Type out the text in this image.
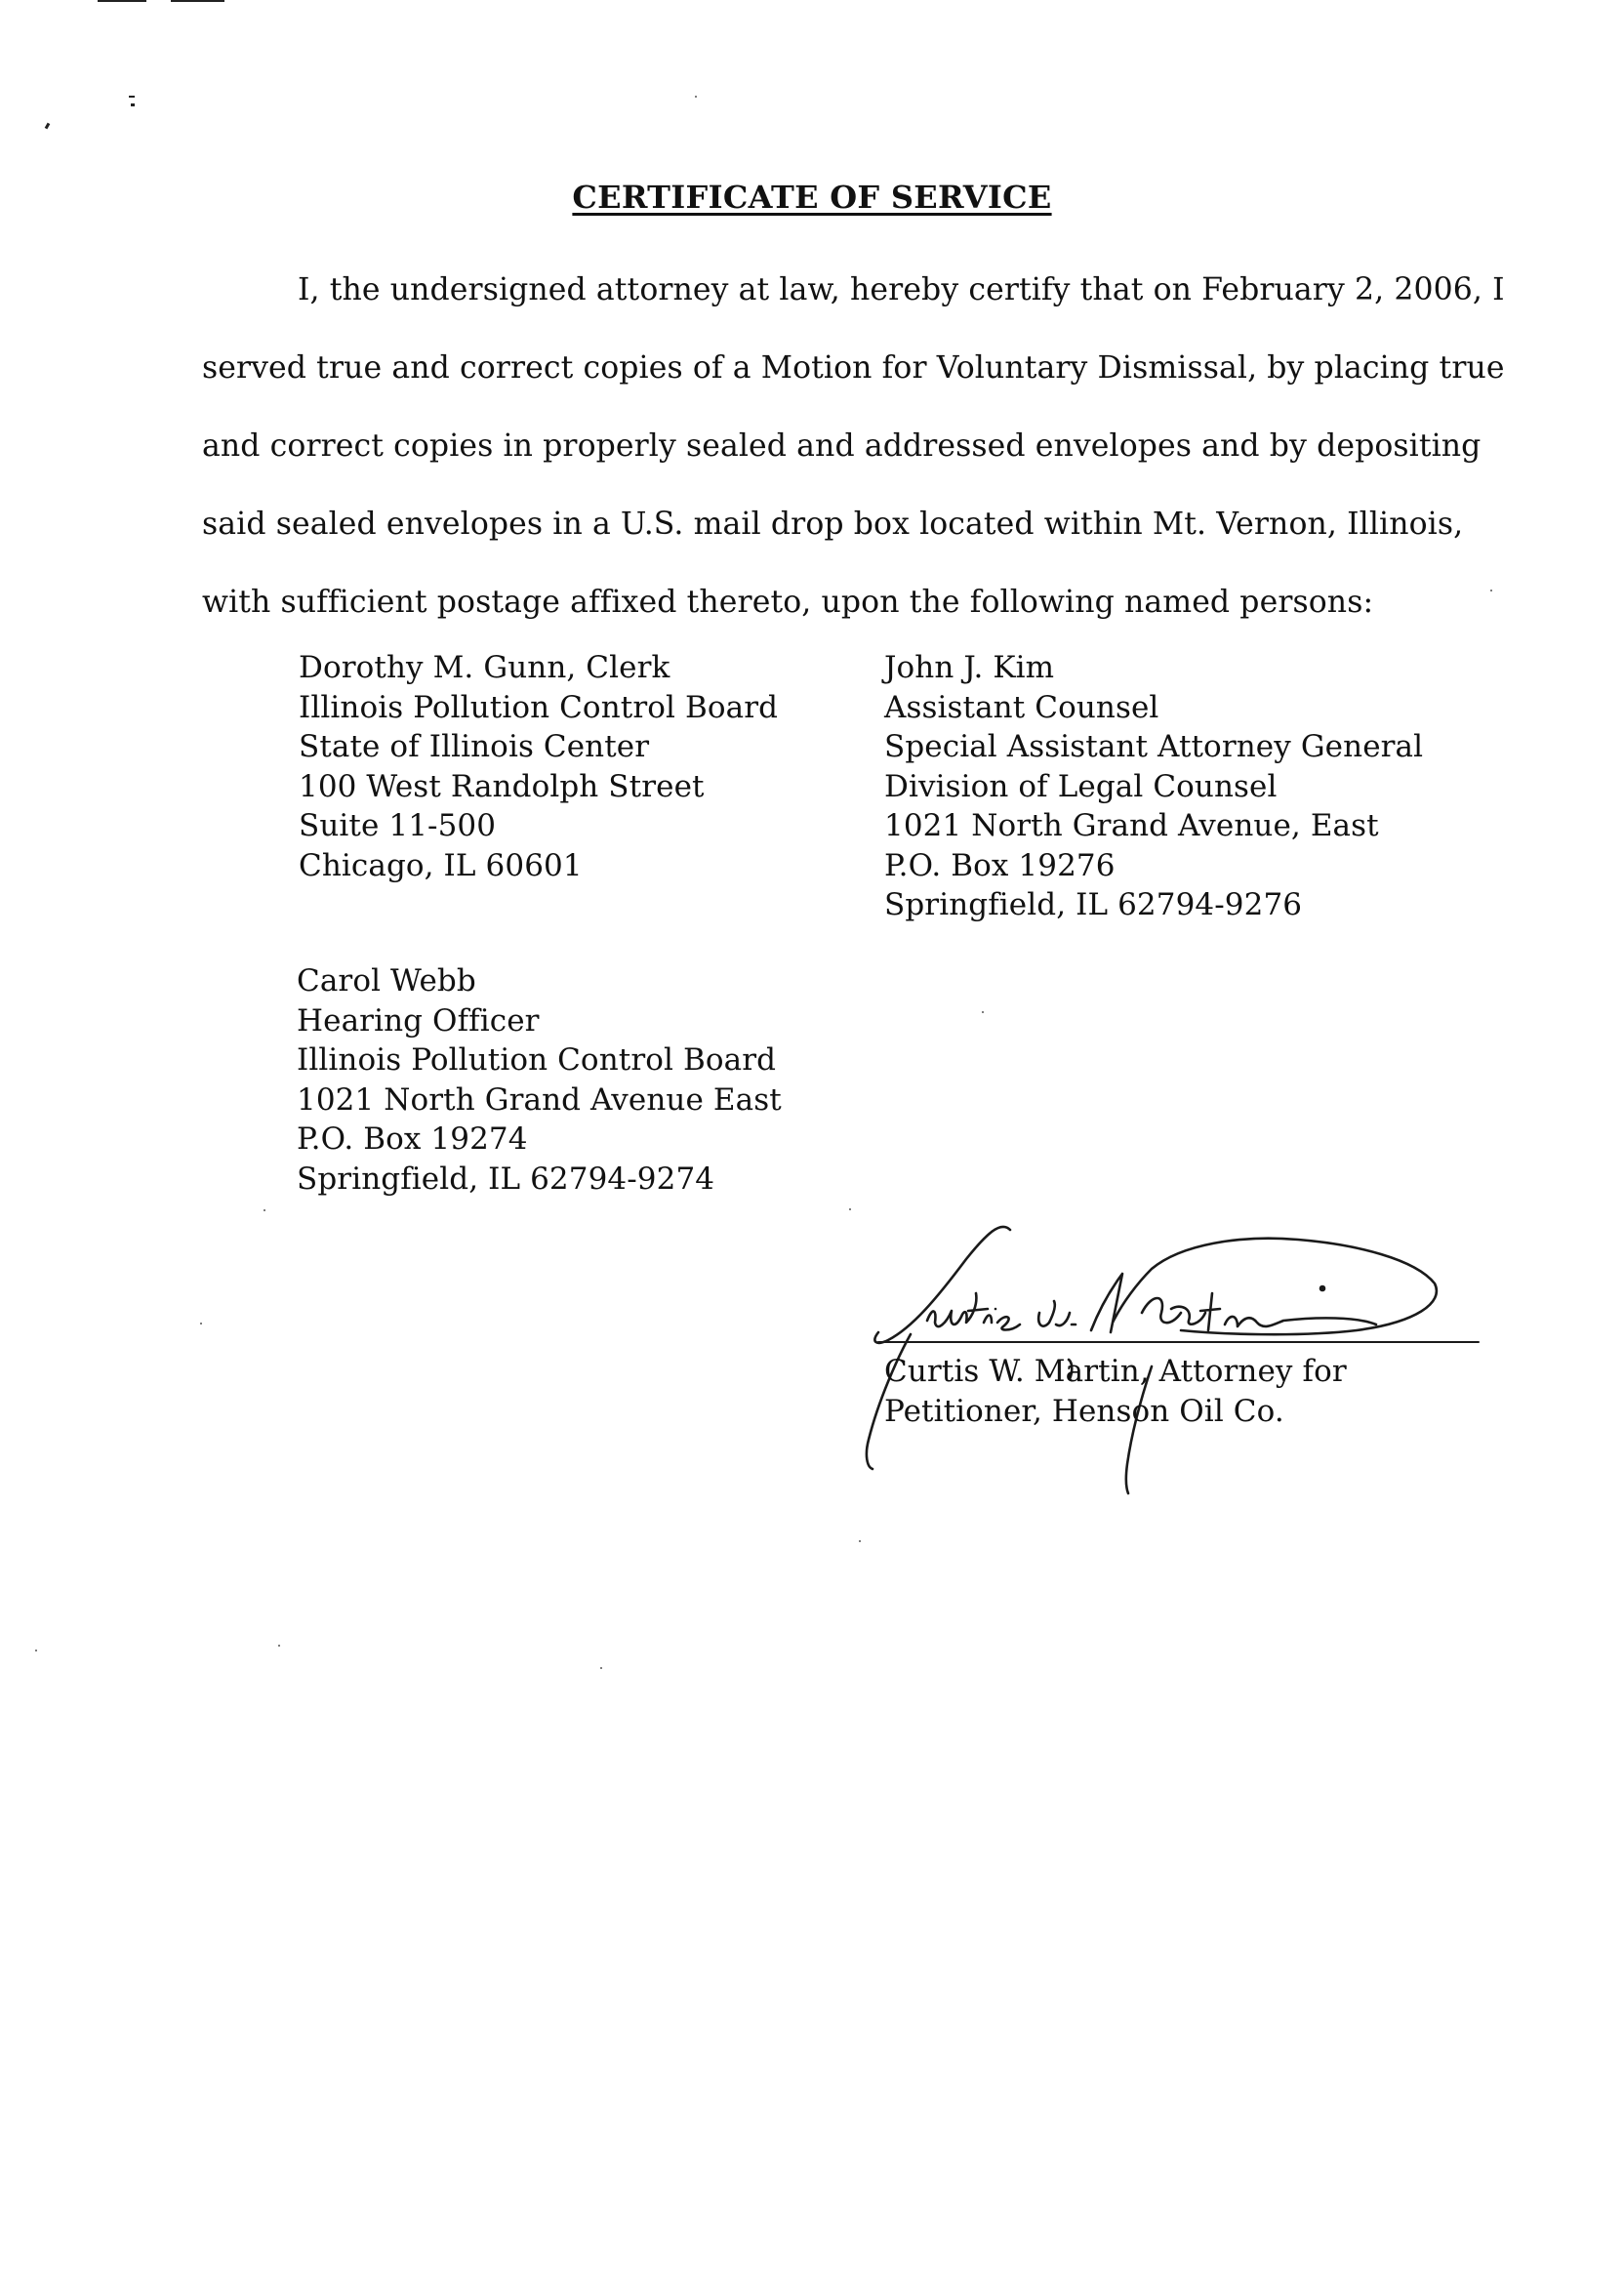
CERTIFICATE OF SERVICE
I, the undersigned attorney at law, hereby certify that on February 2, 2006, I
served true and correct copies of a Motion for Voluntary Dismissal, by placing true
and correct copies in properly sealed and addressed envelopes and by depositing
said sealed envelopes in a U.S. mail drop box located within Mt. Vernon, Illinois,
with sufficient postage affixed thereto, upon the following named persons:
Dorothy M. Gunn, Clerk
Illinois Pollution Control Board
State of Illinois Center
100 West Randolph Street
Suite 11-500
Chicago, IL 60601
John J. Kim
Assistant Counsel
Special Assistant Attorney General
Division of Legal Counsel
1021 North Grand Avenue, East
P.O. Box 19276
Springfield, IL 62794-9276
Carol Webb
Hearing Officer
Illinois Pollution Control Board
1021 North Grand Avenue East
P.O. Box 19274
Springfield, IL 62794-9274
Curtis W. Martin, Attorney for
Petitioner, Henson Oil Co.
